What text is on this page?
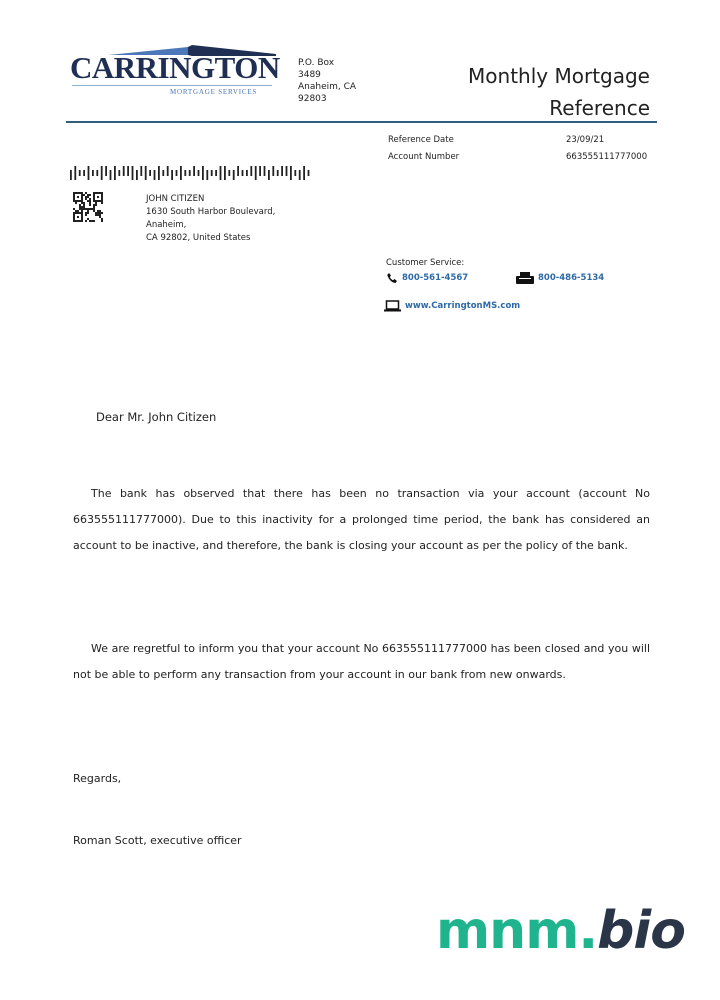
CARRINGTON
MORTGAGE SERVICES
P.O. Box
3489
Anaheim, CA
92803
Monthly Mortgage
Reference
Reference Date	23/09/21
Account Number	663555111777000
JOHN CITIZEN
1630 South Harbor Boulevard,
Anaheim,
CA 92802, United States
Customer Service:
800-561-4567	800-486-5134
www.CarringtonMS.com
Dear Mr. John Citizen
The bank has observed that there has been no transaction via your account (account No 663555111777000). Due to this inactivity for a prolonged time period, the bank has considered an account to be inactive, and therefore, the bank is closing your account as per the policy of the bank.
We are regretful to inform you that your account No 663555111777000 has been closed and you will not be able to perform any transaction from your account in our bank from new onwards.
Regards,
Roman Scott, executive officer
mnm.bio
